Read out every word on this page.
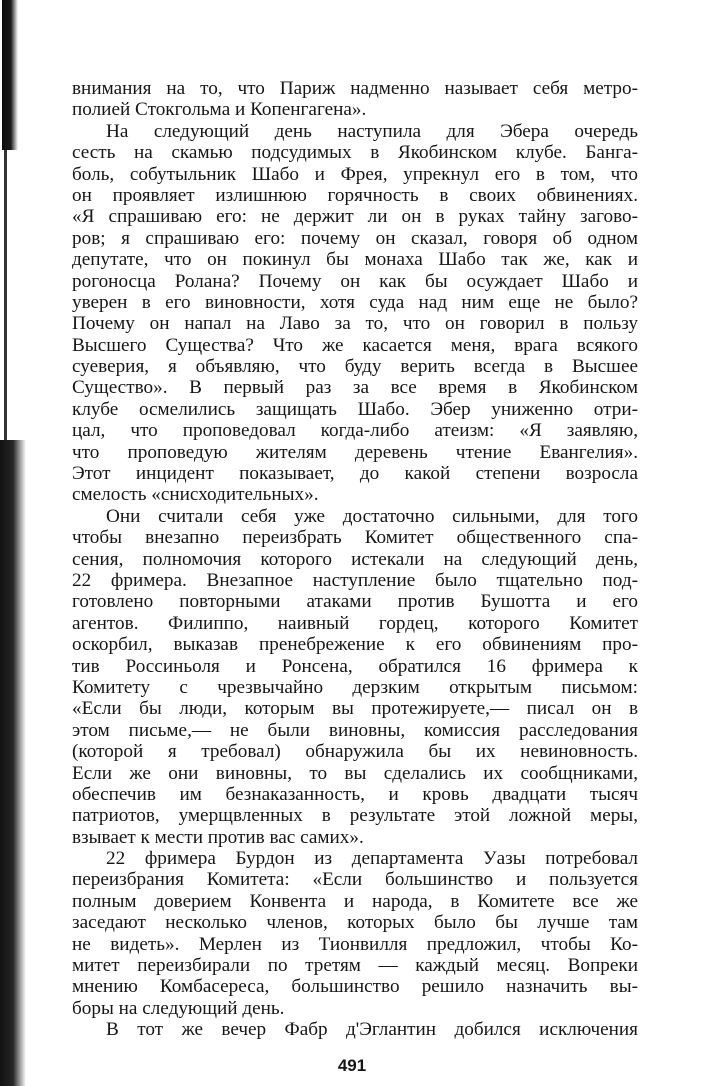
внимания на то, что Париж надменно называет себя метро-
полией Стокгольма и Копенгагена».
На следующий день наступила для Эбера очередь
сесть на скамью подсудимых в Якобинском клубе. Банга-
боль, собутыльник Шабо и Фрея, упрекнул его в том, что
он проявляет излишнюю горячность в своих обвинениях.
«Я спрашиваю его: не держит ли он в руках тайну загово-
ров; я спрашиваю его: почему он сказал, говоря об одном
депутате, что он покинул бы монаха Шабо так же, как и
рогоносца Ролана? Почему он как бы осуждает Шабо и
уверен в его виновности, хотя суда над ним еще не было?
Почему он напал на Лаво за то, что он говорил в пользу
Высшего Существа? Что же касается меня, врага всякого
суеверия, я объявляю, что буду верить всегда в Высшее
Существо». В первый раз за все время в Якобинском
клубе осмелились защищать Шабо. Эбер униженно отри-
цал, что проповедовал когда-либо атеизм: «Я заявляю,
что проповедую жителям деревень чтение Евангелия».
Этот инцидент показывает, до какой степени возросла
смелость «снисходительных».
Они считали себя уже достаточно сильными, для того
чтобы внезапно переизбрать Комитет общественного спа-
сения, полномочия которого истекали на следующий день,
22 фримера. Внезапное наступление было тщательно под-
готовлено повторными атаками против Бушотта и его
агентов. Филиппо, наивный гордец, которого Комитет
оскорбил, выказав пренебрежение к его обвинениям про-
тив Россиньоля и Ронсена, обратился 16 фримера к
Комитету с чрезвычайно дерзким открытым письмом:
«Если бы люди, которым вы протежируете,— писал он в
этом письме,— не были виновны, комиссия расследования
(которой я требовал) обнаружила бы их невиновность.
Если же они виновны, то вы сделались их сообщниками,
обеспечив им безнаказанность, и кровь двадцати тысяч
патриотов, умерщвленных в результате этой ложной меры,
взывает к мести против вас самих».
22 фримера Бурдон из департамента Уазы потребовал
переизбрания Комитета: «Если большинство и пользуется
полным доверием Конвента и народа, в Комитете все же
заседают несколько членов, которых было бы лучше там
не видеть». Мерлен из Тионвилля предложил, чтобы Ко-
митет переизбирали по третям — каждый месяц. Вопреки
мнению Комбасереса, большинство решило назначить вы-
боры на следующий день.
В тот же вечер Фабр д'Эглантин добился исключения
491
